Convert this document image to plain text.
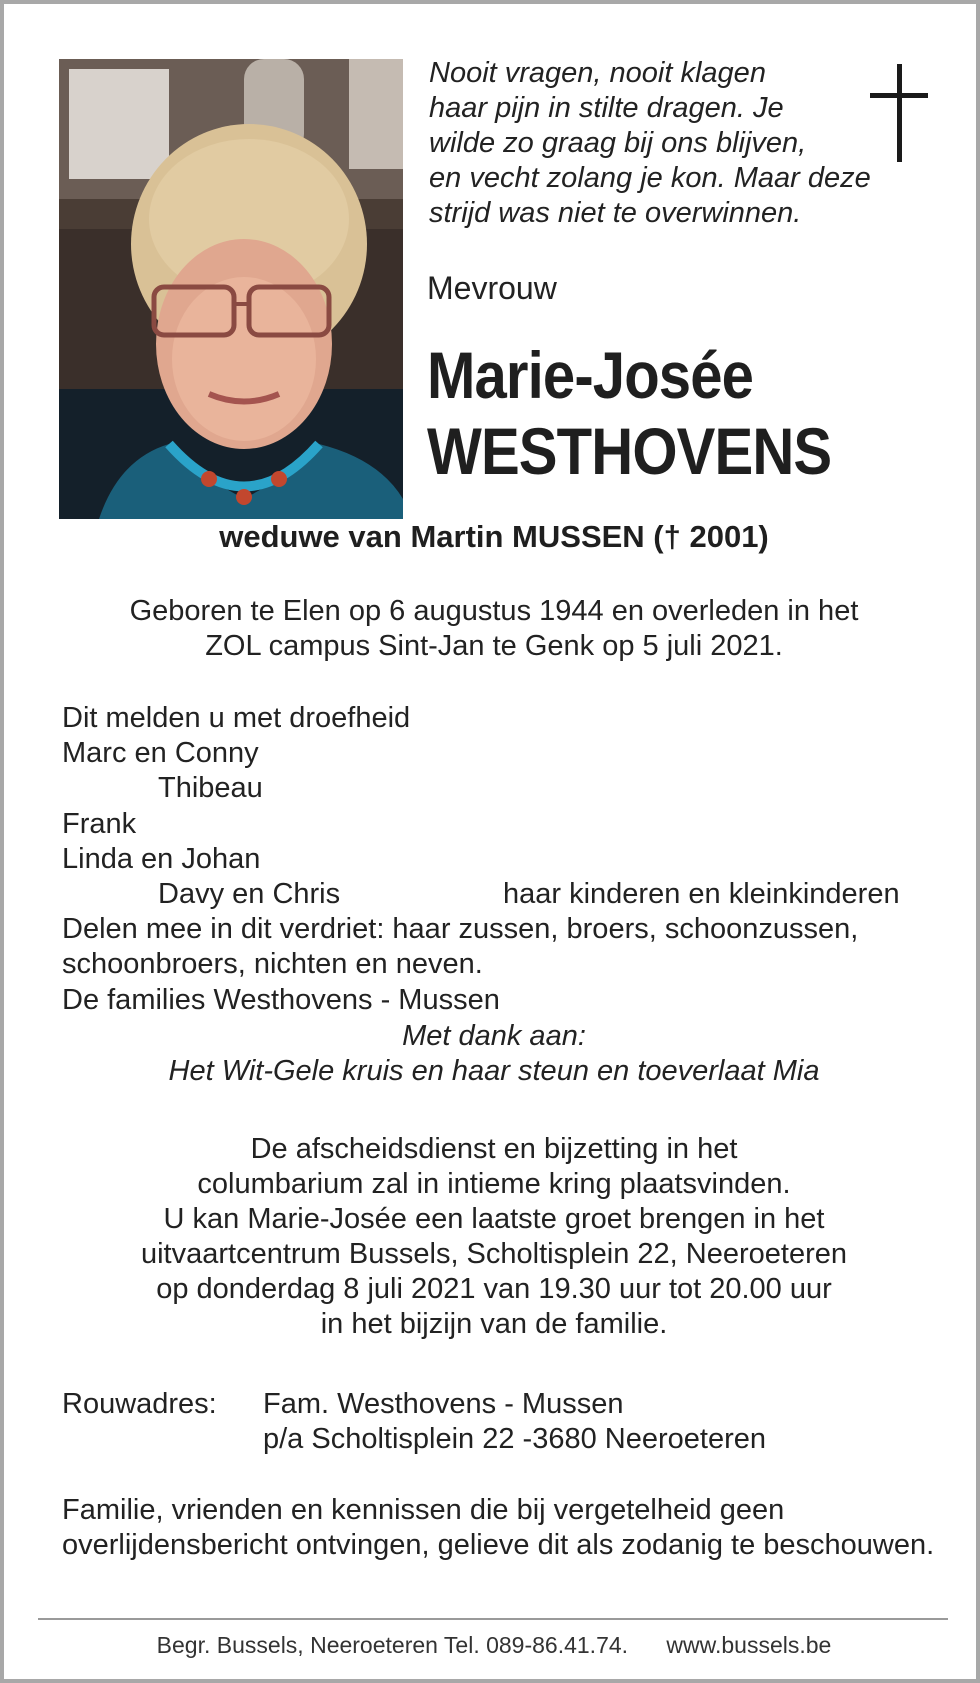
Nooit vragen, nooit klagen
haar pijn in stilte dragen. Je
wilde zo graag bij ons blijven,
en vecht zolang je kon. Maar deze
strijd was niet te overwinnen.
Mevrouw
Marie-Josée
WESTHOVENS
weduwe van Martin MUSSEN († 2001)
Geboren te Elen op 6 augustus 1944 en overleden in het
ZOL campus Sint-Jan te Genk op 5 juli 2021.
Dit melden u met droefheid
Marc en Conny
Thibeau
Frank
Linda en Johan
Davy en Chris	haar kinderen en kleinkinderen
Delen mee in dit verdriet: haar zussen, broers, schoonzussen,
schoonbroers, nichten en neven.
De families Westhovens - Mussen
Met dank aan:
Het Wit-Gele kruis en haar steun en toeverlaat Mia
De afscheidsdienst en bijzetting in het
columbarium zal in intieme kring plaatsvinden.
U kan Marie-Josée een laatste groet brengen in het
uitvaartcentrum Bussels, Scholtisplein 22, Neeroeteren
op donderdag 8 juli 2021 van 19.30 uur tot 20.00 uur
in het bijzijn van de familie.
Rouwadres: Fam. Westhovens - Mussen
p/a Scholtisplein 22 -3680 Neeroeteren
Familie, vrienden en kennissen die bij vergetelheid geen overlijdensbericht ontvingen, gelieve dit als zodanig te beschouwen.
Begr. Bussels, Neeroeteren Tel. 089-86.41.74. www.bussels.be
